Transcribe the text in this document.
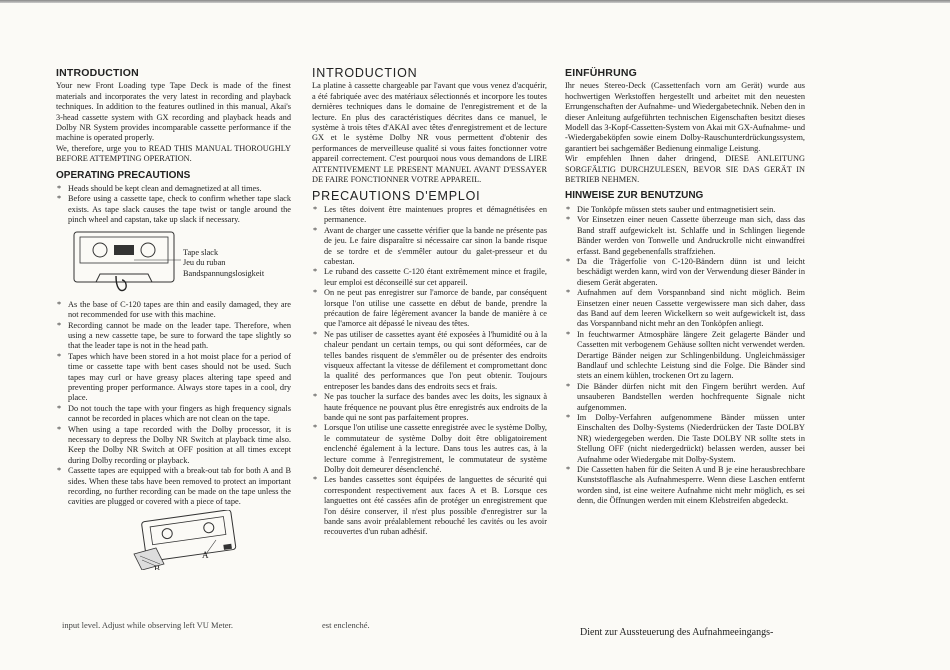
INTRODUCTION

Your new Front Loading type Tape Deck is made of the finest materials and incorporates the very latest in recording and playback techniques. In addition to the features outlined in this manual, Akai's 3-head cassette system with GX recording and playback heads and Dolby NR System provides incomparable cassette performance if the machine is operated properly.

We, therefore, urge you to READ THIS MANUAL THOROUGHLY BEFORE ATTEMPTING OPERATION.

OPERATING PRECAUTIONS
* Heads should be kept clean and demagnetized at all times.
* Before using a cassette tape, check to confirm whether tape slack exists. As tape slack causes the tape twist or tangle around the pinch wheel and capstan, take up slack if necessary.
Tape slack
Jeu du ruban
Bandspannungslosigkeit
* As the base of C-120 tapes are thin and easily damaged, they are not recommended for use with this machine.
* Recording cannot be made on the leader tape. Therefore, when using a new cassette tape, be sure to forward the tape slightly so that the leader tape is not in the head path.
* Tapes which have been stored in a hot moist place for a period of time or cassette tape with bent cases should not be used. Such tapes may curl or have greasy places altering tape speed and preventing proper performance. Always store tapes in a cool, dry place.
* Do not touch the tape with your fingers as high frequency signals cannot be recorded in places which are not clean on the tape.
* When using a tape recorded with the Dolby processor, it is necessary to depress the Dolby NR Switch at playback time also. Keep the Dolby NR Switch at OFF position at all times except during Dolby recording or playback.
* Cassette tapes are equipped with a break-out tab for both A and B sides. When these tabs have been removed to protect an important recording, no further recording can be made on the tape unless the cavities are plugged or covered with a piece of tape.
A
B
INTRODUCTION

La platine à cassette chargeable par l'avant que vous venez d'acquérir, a été fabriquée avec des matériaux sélectionnés et incorpore les toutes dernières techniques dans le domaine de l'enregistrement et de la lecture. En plus des caractéristiques décrites dans ce manuel, le système à trois têtes d'AKAI avec têtes d'enregistrement et de lecture GX et le système Dolby NR vous permettent d'obtenir des performances de merveilleuse qualité si vous faites fonctionner votre appareil correctement. C'est pourquoi nous vous demandons de LIRE ATTENTIVEMENT LE PRESENT MANUEL AVANT D'ESSAYER DE FAIRE FONCTIONNER VOTRE APPAREIL.

PRECAUTIONS D'EMPLOI
* Les têtes doivent être maintenues propres et démagnétisées en permanence.
* Avant de charger une cassette vérifier que la bande ne présente pas de jeu. Le faire disparaître si nécessaire car sinon la bande risque de se tordre et de s'emmêler autour du galet-presseur et du cabestan.
* Le ruband des cassette C-120 étant extrêmement mince et fragile, leur emploi est déconseillé sur cet appareil.
* On ne peut pas enregistrer sur l'amorce de bande, par conséquent lorsque l'on utilise une cassette en début de bande, prendre la précaution de faire légèrement avancer la bande de manière à ce que l'amorce ait dépassé le niveau des têtes.
* Ne pas utiliser de cassettes ayant été exposées à l'humidité ou à la chaleur pendant un certain temps, ou qui sont déformées, car de telles bandes risquent de s'emmêler ou de présenter des endroits visqueux affectant la vitesse de défilement et compromettant donc la qualité des performances que l'on peut obtenir. Toujours entreposer les bandes dans des endroits secs et frais.
* Ne pas toucher la surface des bandes avec les doits, les signaux à haute fréquence ne pouvant plus être enregistrés aux endroits de la bande qui ne sont pas parfaitement propres.
* Lorsque l'on utilise une cassette enregistrée avec le système Dolby, le commutateur de système Dolby doit être obligatoirement enclenché également à la lecture. Dans tous les autres cas, à la lecture comme à l'enregistrement, le commutateur de système Dolby doit demeurer désenclenché.
* Les bandes cassettes sont équipées de languettes de sécurité qui correspondent respectivement aux faces A et B. Lorsque ces languettes ont été cassées afin de protéger un enregistrement que l'on désire conserver, il n'est plus possible d'enregistrer sur la bande sans avoir préalablement rebouché les cavités ou les avoir recouvertes d'un ruban adhésif.
EINFÜHRUNG

Ihr neues Stereo-Deck (Cassettenfach vorn am Gerät) wurde aus hochwertigen Werkstoffen hergestellt und arbeitet mit den neuesten Errungenschaften der Aufnahme- und Wiedergabetechnik. Neben den in dieser Anleitung aufgeführten technischen Eigenschaften besitzt dieses Modell das 3-Kopf-Cassetten-System von Akai mit GX-Aufnahme- und -Wiedergabeköpfen sowie einem Dolby-Rauschunterdrückungssystem, garantiert bei sachgemäßer Bedienung einmalige Leistung.

Wir empfehlen Ihnen daher dringend, DIESE ANLEITUNG SORGFÄLTIG DURCHZULESEN, BEVOR SIE DAS GERÄT IN BETRIEB NEHMEN.

HINWEISE ZUR BENUTZUNG
* Die Tonköpfe müssen stets sauber und entmagnetisiert sein.
* Vor Einsetzen einer neuen Cassette überzeuge man sich, dass das Band straff aufgewickelt ist. Schlaffe und in Schlingen liegende Bänder werden von Tonwelle und Andruckrolle nicht einwandfrei erfasst. Band gegebenenfalls straffziehen.
* Da die Trägerfolie von C-120-Bändern dünn ist und leicht beschädigt werden kann, wird von der Verwendung dieser Bänder in diesem Gerät abgeraten.
* Aufnahmen auf dem Vorspannband sind nicht möglich. Beim Einsetzen einer neuen Cassette vergewissere man sich daher, dass das Band auf dem leeren Wickelkern so weit aufgewickelt ist, dass das Vorspannband nicht mehr an den Tonköpfen anliegt.
* In feuchtwarmer Atmosphäre längere Zeit gelagerte Bänder und Cassetten mit verbogenem Gehäuse sollten nicht verwendet werden. Derartige Bänder neigen zur Schlingenbildung. Ungleichmässiger Bandlauf und schlechte Leistung sind die Folge. Die Bänder sind stets an einem kühlen, trockenen Ort zu lagern.
* Die Bänder dürfen nicht mit den Fingern berührt werden. Auf unsauberen Bandstellen werden hochfrequente Signale nicht aufgenommen.
* Im Dolby-Verfahren aufgenommene Bänder müssen unter Einschalten des Dolby-Systems (Niederdrücken der Taste DOLBY NR) wiedergegeben werden. Die Taste DOLBY NR sollte stets in Stellung OFF (nicht niedergedrückt) belassen werden, ausser bei Aufnahme oder Wiedergabe mit Dolby-System.
* Die Cassetten haben für die Seiten A und B je eine herausbrechbare Kunststofflasche als Aufnahmesperre. Wenn diese Laschen entfernt worden sind, ist eine weitere Aufnahme nicht mehr möglich, es sei denn, die Öffnungen werden mit einem Klebstreifen abgedeckt.
input level. Adjust while observing left VU Meter.	est enclenché.
Dient zur Aussteuerung des Aufnahmeeingangs-
